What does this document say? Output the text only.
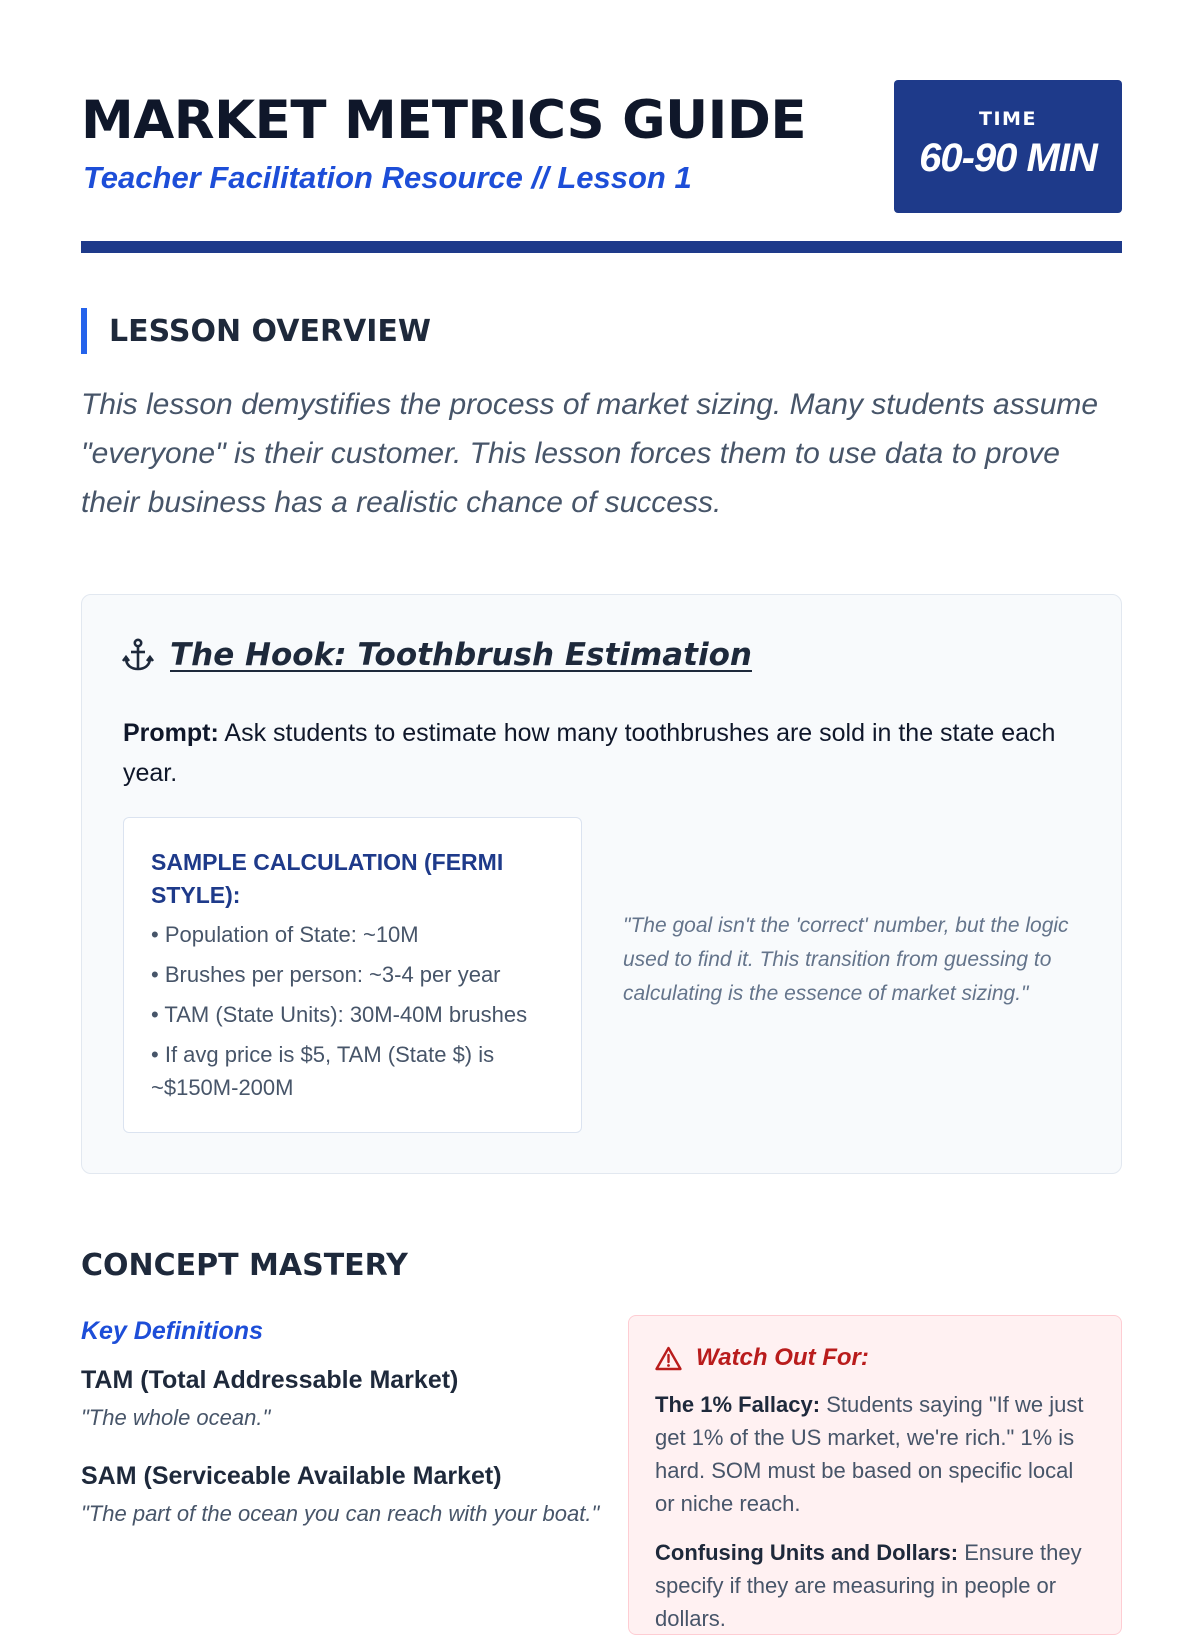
MARKET METRICS GUIDE
Teacher Facilitation Resource // Lesson 1
TIME
60-90 MIN
LESSON OVERVIEW

This lesson demystifies the process of market sizing. Many students assume "everyone" is their customer. This lesson forces them to use data to prove their business has a realistic chance of success.

The Hook: Toothbrush Estimation

Prompt: Ask students to estimate how many toothbrushes are sold in the state each year.

SAMPLE CALCULATION (FERMI STYLE):
• Population of State: ~10M
• Brushes per person: ~3-4 per year
• TAM (State Units): 30M-40M brushes
• If avg price is $5, TAM (State $) is ~$150M-200M

"The goal isn't the 'correct' number, but the logic used to find it. This transition from guessing to calculating is the essence of market sizing."

CONCEPT MASTERY
Key Definitions
TAM (Total Addressable Market)
"The whole ocean."
SAM (Serviceable Available Market)
"The part of the ocean you can reach with your boat."
Watch Out For:

The 1% Fallacy: Students saying "If we just get 1% of the US market, we're rich." 1% is hard. SOM must be based on specific local or niche reach.

Confusing Units and Dollars: Ensure they specify if they are measuring in people or dollars.
